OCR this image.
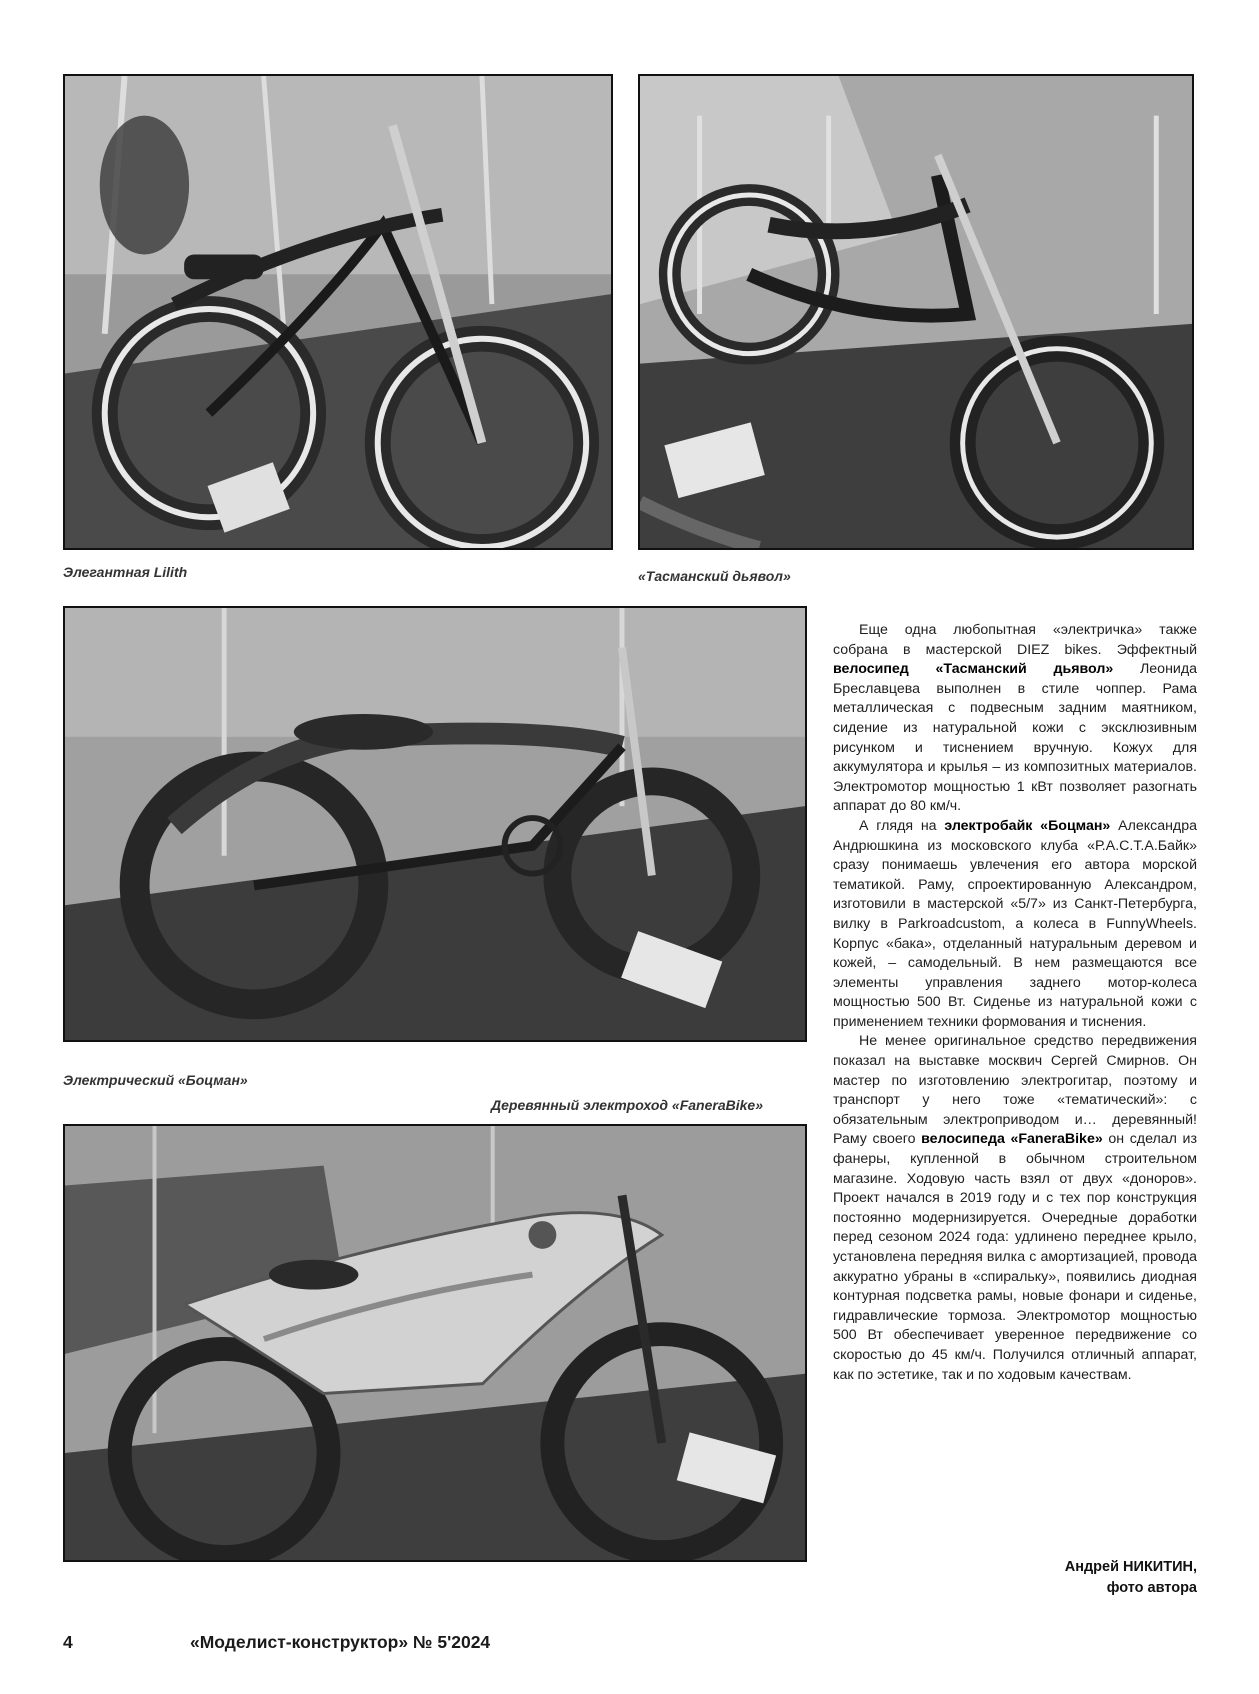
Элегантная Lilith	«Тасманский дьявол»
Электрический «Боцман»
Деревянный электроход «FaneraBike»

Еще одна любопытная «электричка» также собрана в мастерской DIEZ bikes. Эффектный велосипед «Тасманский дьявол» Леонида Бреславцева выполнен в стиле чоппер. Рама металлическая с подвесным задним маятником, сидение из натуральной кожи с эксклюзивным рисунком и тиснением вручную. Кожух для аккумулятора и крылья – из композитных материалов. Электромотор мощностью 1 кВт позволяет разогнать аппарат до 80 км/ч.

А глядя на электробайк «Боцман» Александра Андрюшкина из московского клуба «Р.А.С.Т.А.Байк» сразу понимаешь увлечения его автора морской тематикой. Раму, спроектированную Александром, изготовили в мастерской «5/7» из Санкт-Петербурга, вилку в Parkroadcustom, а колеса в FunnyWheels. Корпус «бака», отделанный натуральным деревом и кожей, – самодельный. В нем размещаются все элементы управления заднего мотор-колеса мощностью 500 Вт. Сиденье из натуральной кожи с применением техники формования и тиснения.

Не менее оригинальное средство передвижения показал на выставке москвич Сергей Смирнов. Он мастер по изготовлению электрогитар, поэтому и транспорт у него тоже «тематический»: с обязательным электроприводом и… деревянный! Раму своего велосипеда «FaneraBike» он сделал из фанеры, купленной в обычном строительном магазине. Ходовую часть взял от двух «доноров». Проект начался в 2019 году и с тех пор конструкция постоянно модернизируется. Очередные доработки перед сезоном 2024 года: удлинено переднее крыло, установлена передняя вилка с амортизацией, провода аккуратно убраны в «спиральку», появились диодная контурная подсветка рамы, новые фонари и сиденье, гидравлические тормоза. Электромотор мощностью 500 Вт обеспечивает уверенное передвижение со скоростью до 45 км/ч. Получился отличный аппарат, как по эстетике, так и по ходовым качествам.

Андрей НИКИТИН,
фото автора
4	«Моделист-конструктор» № 5'2024
